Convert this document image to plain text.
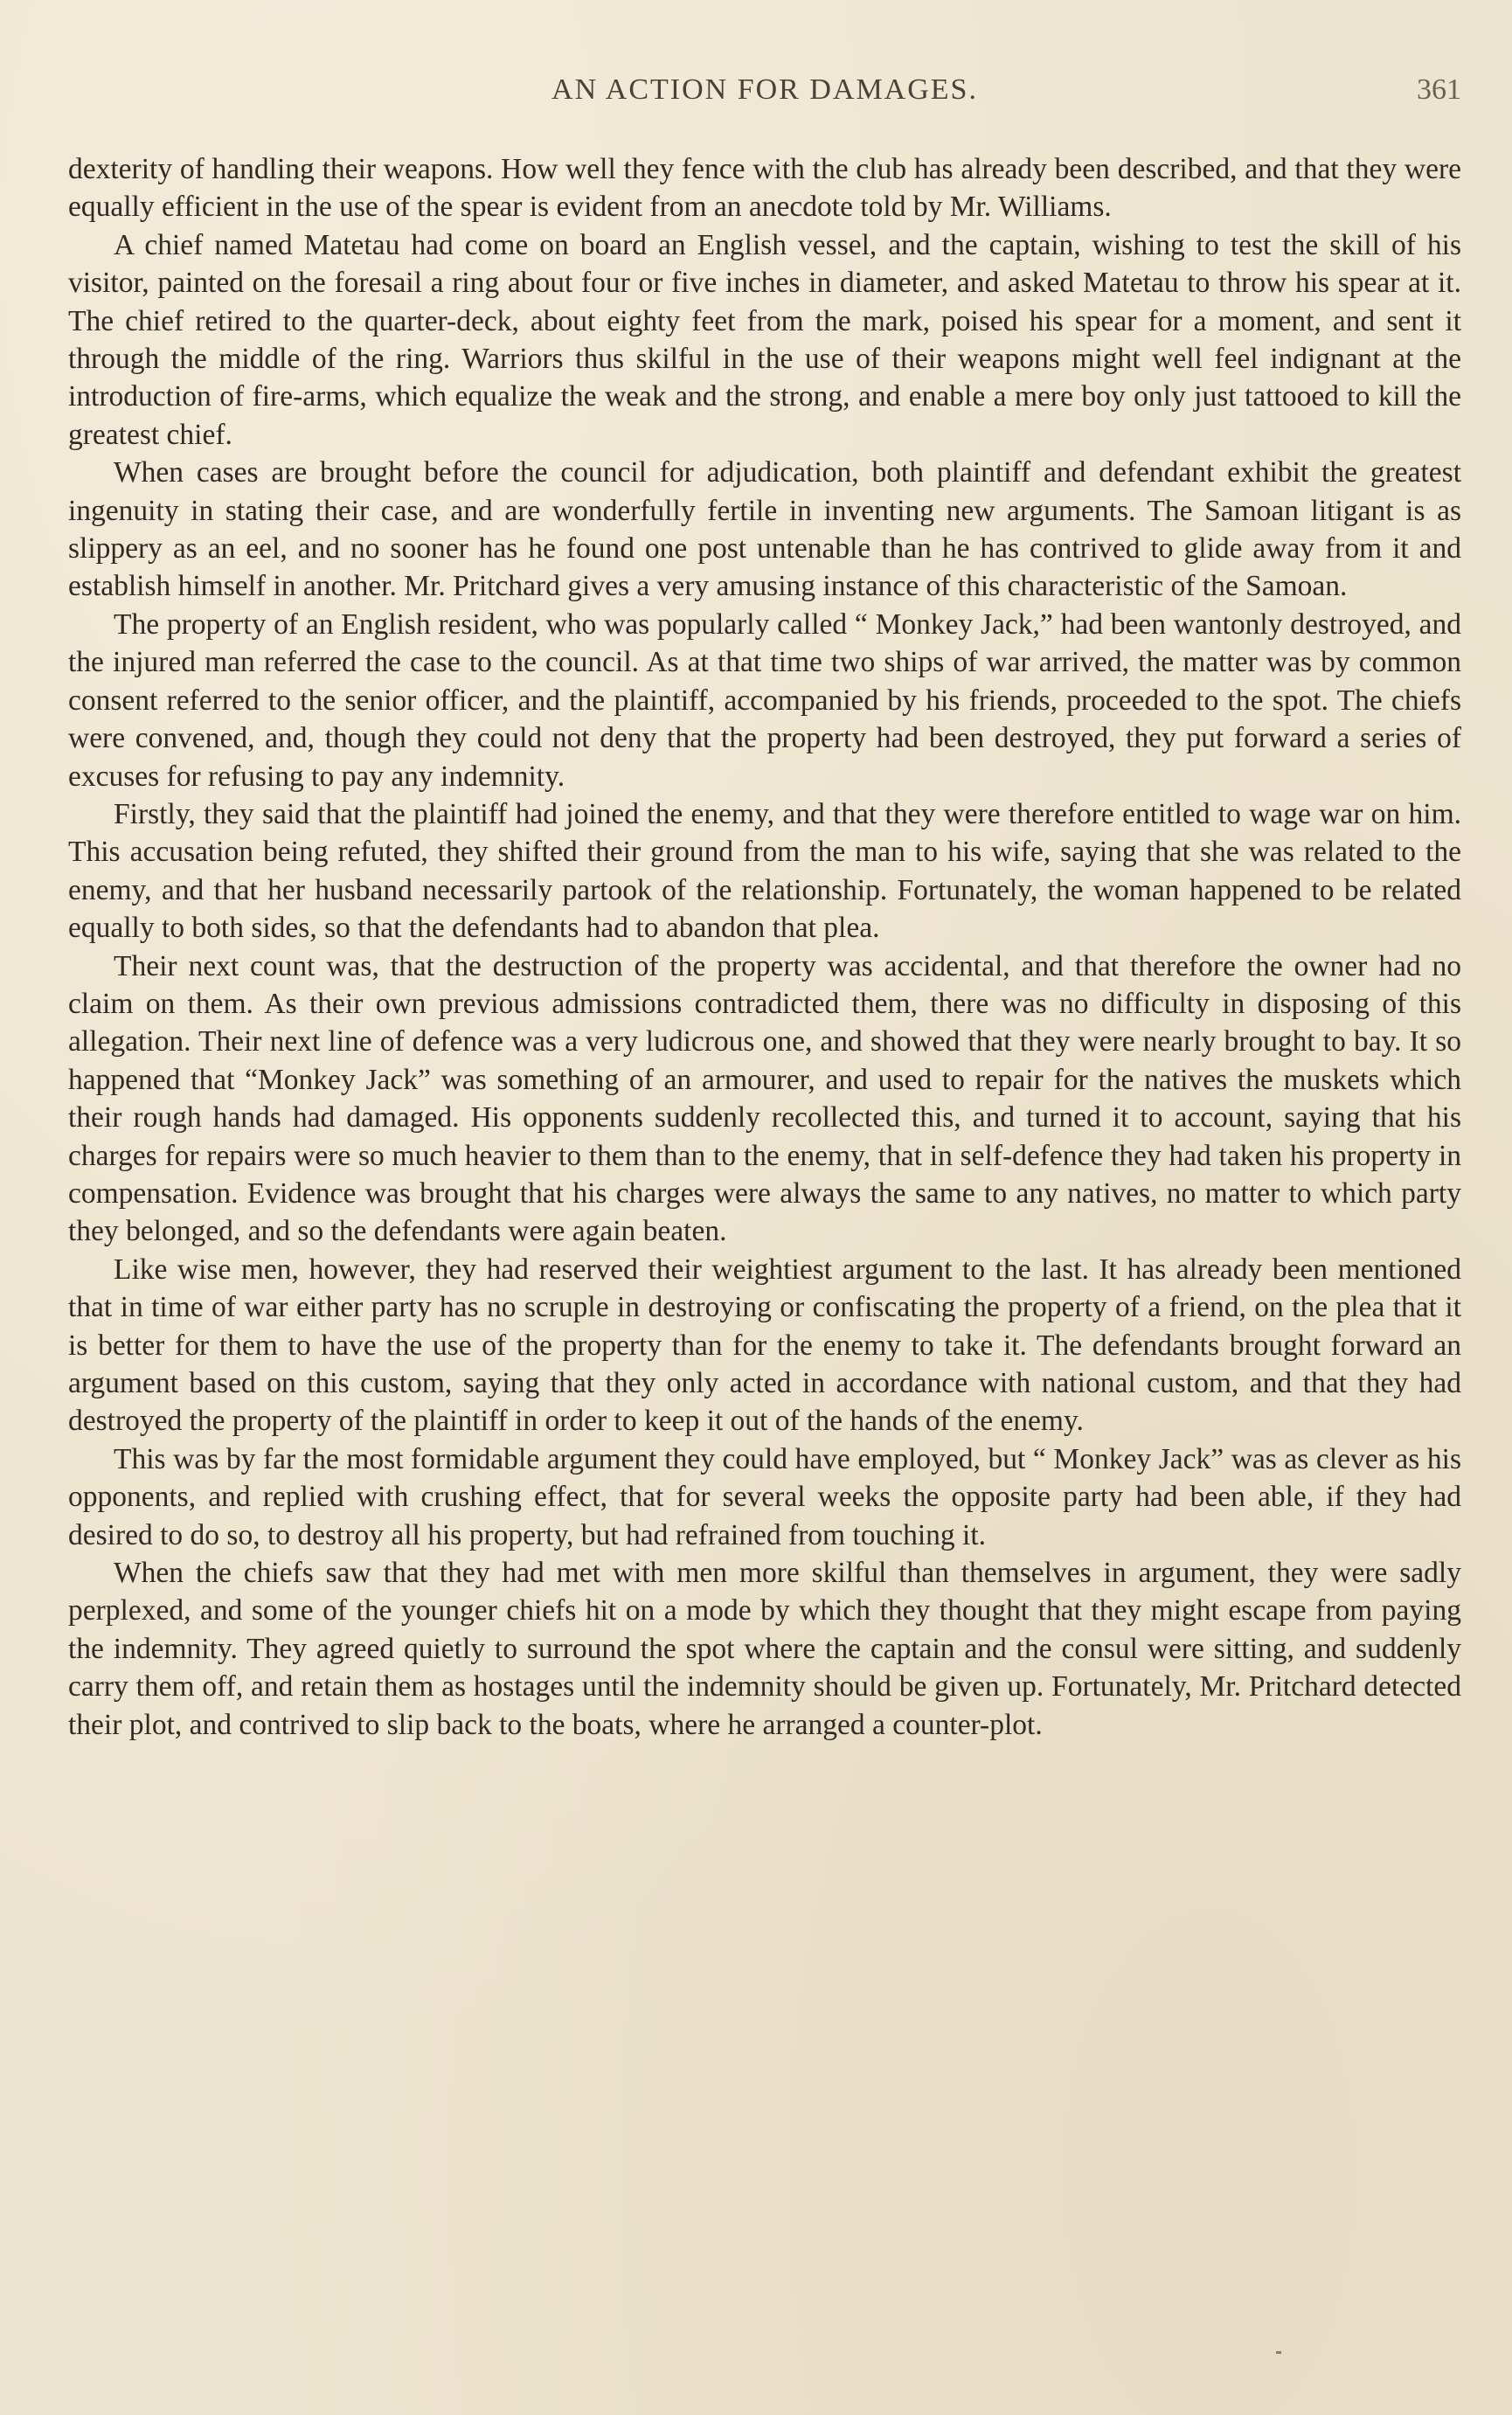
AN ACTION FOR DAMAGES.	361

dexterity of handling their weapons. How well they fence with the club has already been described, and that they were equally efficient in the use of the spear is evident from an anecdote told by Mr. Williams.

A chief named Matetau had come on board an English vessel, and the captain, wishing to test the skill of his visitor, painted on the foresail a ring about four or five inches in diameter, and asked Matetau to throw his spear at it. The chief retired to the quarter-deck, about eighty feet from the mark, poised his spear for a moment, and sent it through the middle of the ring. Warriors thus skilful in the use of their weapons might well feel indignant at the introduction of fire-arms, which equalize the weak and the strong, and enable a mere boy only just tattooed to kill the greatest chief.

When cases are brought before the council for adjudication, both plaintiff and defendant exhibit the greatest ingenuity in stating their case, and are wonderfully fertile in inventing new arguments. The Samoan litigant is as slippery as an eel, and no sooner has he found one post untenable than he has contrived to glide away from it and establish himself in another. Mr. Pritchard gives a very amusing instance of this characteristic of the Samoan.

The property of an English resident, who was popularly called “ Monkey Jack,” had been wantonly destroyed, and the injured man referred the case to the council. As at that time two ships of war arrived, the matter was by common consent referred to the senior officer, and the plaintiff, accompanied by his friends, proceeded to the spot. The chiefs were convened, and, though they could not deny that the property had been destroyed, they put forward a series of excuses for refusing to pay any indemnity.

Firstly, they said that the plaintiff had joined the enemy, and that they were therefore entitled to wage war on him. This accusation being refuted, they shifted their ground from the man to his wife, saying that she was related to the enemy, and that her husband necessarily partook of the relationship. Fortunately, the woman happened to be related equally to both sides, so that the defendants had to abandon that plea.

Their next count was, that the destruction of the property was accidental, and that therefore the owner had no claim on them. As their own previous admissions contradicted them, there was no difficulty in disposing of this allegation. Their next line of defence was a very ludicrous one, and showed that they were nearly brought to bay. It so happened that “Monkey Jack” was something of an armourer, and used to repair for the natives the muskets which their rough hands had damaged. His opponents suddenly recollected this, and turned it to account, saying that his charges for repairs were so much heavier to them than to the enemy, that in self-defence they had taken his property in compensation. Evidence was brought that his charges were always the same to any natives, no matter to which party they belonged, and so the defendants were again beaten.

Like wise men, however, they had reserved their weightiest argument to the last. It has already been mentioned that in time of war either party has no scruple in destroying or confiscating the property of a friend, on the plea that it is better for them to have the use of the property than for the enemy to take it. The defendants brought forward an argument based on this custom, saying that they only acted in accordance with national custom, and that they had destroyed the property of the plaintiff in order to keep it out of the hands of the enemy.

This was by far the most formidable argument they could have employed, but “ Monkey Jack” was as clever as his opponents, and replied with crushing effect, that for several weeks the opposite party had been able, if they had desired to do so, to destroy all his property, but had refrained from touching it.

When the chiefs saw that they had met with men more skilful than themselves in argument, they were sadly perplexed, and some of the younger chiefs hit on a mode by which they thought that they might escape from paying the indemnity. They agreed quietly to surround the spot where the captain and the consul were sitting, and suddenly carry them off, and retain them as hostages until the indemnity should be given up. Fortunately, Mr. Pritchard detected their plot, and contrived to slip back to the boats, where he arranged a counter-plot.
